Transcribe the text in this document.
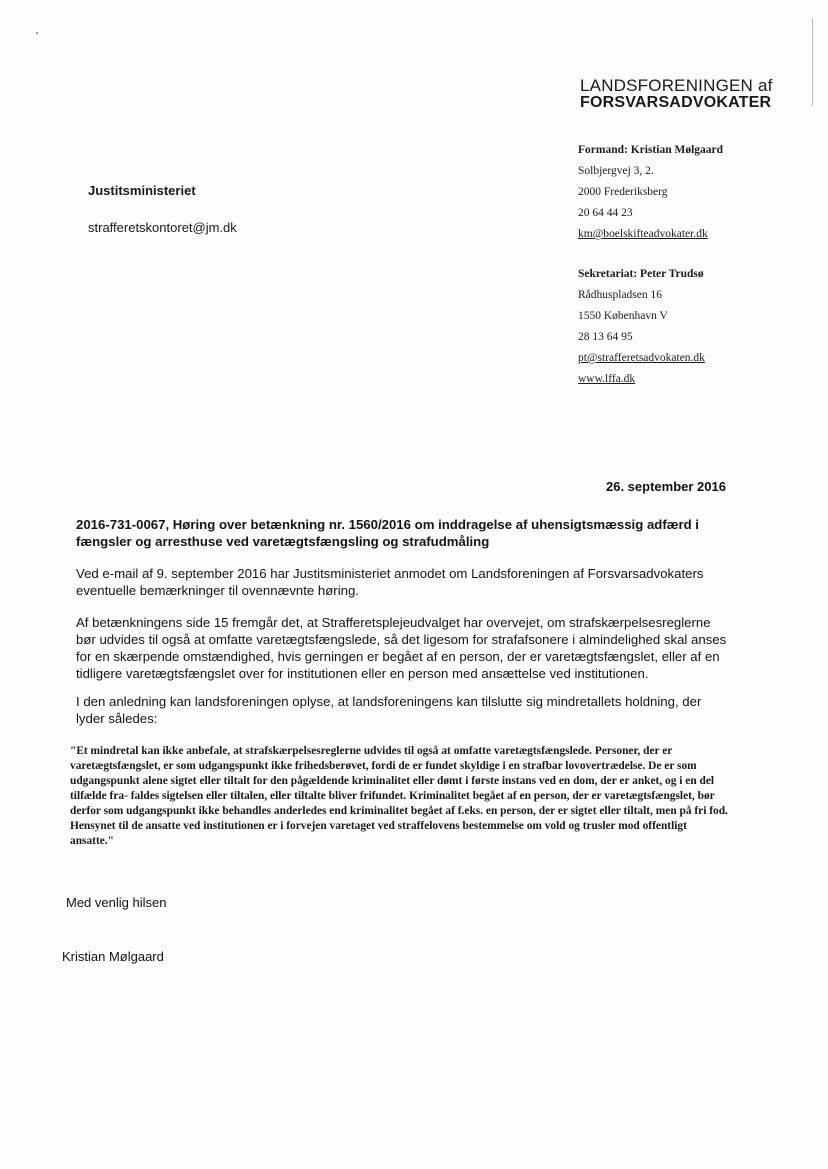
LANDSFORENINGEN af
FORSVARSADVOKATER
Formand: Kristian Mølgaard
Solbjergvej 3, 2.
2000 Frederiksberg
20 64 44 23
km@boelskifteadvokater.dk
Sekretariat: Peter Trudsø
Rådhuspladsen 16
1550 København V
28 13 64 95
pt@strafferetsadvokaten.dk
www.lffa.dk
Justitsministeriet
strafferetskontoret@jm.dk
26. september 2016
2016-731-0067, Høring over betænkning nr. 1560/2016 om inddragelse af uhensigtsmæssig adfærd i fængsler og arresthuse ved varetægtsfængsling og strafudmåling
Ved e-mail af 9. september 2016 har Justitsministeriet anmodet om Landsforeningen af Forsvarsadvokaters eventuelle bemærkninger til ovennævnte høring.
Af betænkningens side 15 fremgår det, at Strafferetsplejeudvalget har overvejet, om strafskærpelsesreglerne bør udvides til også at omfatte varetægtsfængslede, så det ligesom for strafafsonere i almindelighed skal anses for en skærpende omstændighed, hvis gerningen er begået af en person, der er varetægtsfængslet, eller af en tidligere varetægtsfængslet over for institutionen eller en person med ansættelse ved institutionen.
I den anledning kan landsforeningen oplyse, at landsforeningens kan tilslutte sig mindretallets holdning, der lyder således:
"Et mindretal kan ikke anbefale, at strafskærpelsesreglerne udvides til også at omfatte varetægtsfængslede. Personer, der er varetægtsfængslet, er som udgangspunkt ikke frihedsberøvet, fordi de er fundet skyldige i en strafbar lovovertrædelse. De er som udgangspunkt alene sigtet eller tiltalt for den pågældende kriminalitet eller dømt i første instans ved en dom, der er anket, og i en del tilfælde fra- faldes sigtelsen eller tiltalen, eller tiltalte bliver frifundet. Kriminalitet begået af en person, der er varetægtsfængslet, bør derfor som udgangspunkt ikke behandles anderledes end kriminalitet begået af f.eks. en person, der er sigtet eller tiltalt, men på fri fod. Hensynet til de ansatte ved institutionen er i forvejen varetaget ved straffelovens bestemmelse om vold og trusler mod offentligt ansatte."
Med venlig hilsen
Kristian Mølgaard
